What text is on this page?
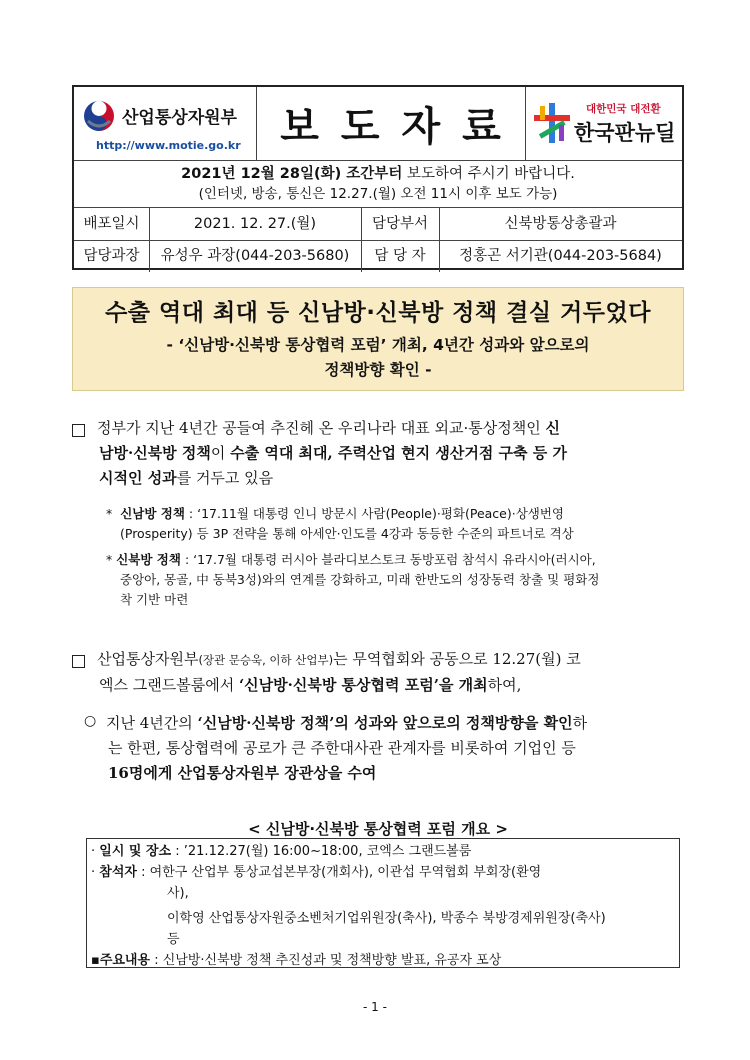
산업통상자원부
http://www.motie.go.kr 보도자료	대한민국 대전환
한국판뉴딜
2021년 12월 28일(화) 조간부터 보도하여 주시기 바랍니다.
(인터넷, 방송, 통신은 12.27.(월) 오전 11시 이후 보도 가능)
배포일시	2021. 12. 27.(월)	담당부서	신북방통상총괄과
담당과장	유성우 과장(044-203-5680)	담 당 자	정홍곤 서기관(044-203-5684)
수출 역대 최대 등 신남방·신북방 정책 결실 거두었다
- ‘신남방·신북방 통상협력 포럼’ 개최, 4년간 성과와 앞으로의
정책방향 확인 -
정부가 지난 4년간 공들여 추진헤 온 우리나라 대표 외교·통상정책인 신
남방·신북방 정책이 수출 역대 최대, 주력산업 현지 생산거점 구축 등 가
시적인 성과를 거두고 있음
*  신남방 정책 : ‘17.11월 대통령 인니 방문시 사람(People)·평화(Peace)·상생번영
(Prosperity) 등 3P 전략을 통해 아세안·인도를 4강과 동등한 수준의 파트너로 격상
* 신북방 정책 : ‘17.7월 대통령 러시아 블라디보스토크 동방포럼 참석시 유라시아(러시아,
중앙아, 몽골, 中 동북3성)와의 연계를 강화하고, 미래 한반도의 성장동력 창출 및 평화정
착 기반 마련
산업통상자원부(장관 문승욱, 이하 산업부)는 무역협회와 공동으로 12.27(월) 코
엑스 그랜드볼룸에서 ‘신남방·신북방 통상협력 포럼’을 개최하여,
○ 지난 4년간의 ‘신남방·신북방 정책’의 성과와 앞으로의 정책방향을 확인하
는 한편, 통상협력에 공로가 큰 주한대사관 관계자를 비롯하여 기업인 등
16명에게 산업통상자원부 장관상을 수여
< 신남방·신북방 통상협력 포럼 개요 >
· 일시 및 장소 : ’21.12.27(월) 16:00~18:00, 코엑스 그랜드볼룸
· 참석자 : 여한구 산업부 통상교섭본부장(개회사), 이관섭 무역협회 부회장(환영
사),
이학영 산업통상자원중소벤처기업위원장(축사), 박종수 북방경제위원장(축사)
등
▪주요내용 : 신남방·신북방 정책 추진성과 및 정책방향 발표, 유공자 포상
- 1 -
